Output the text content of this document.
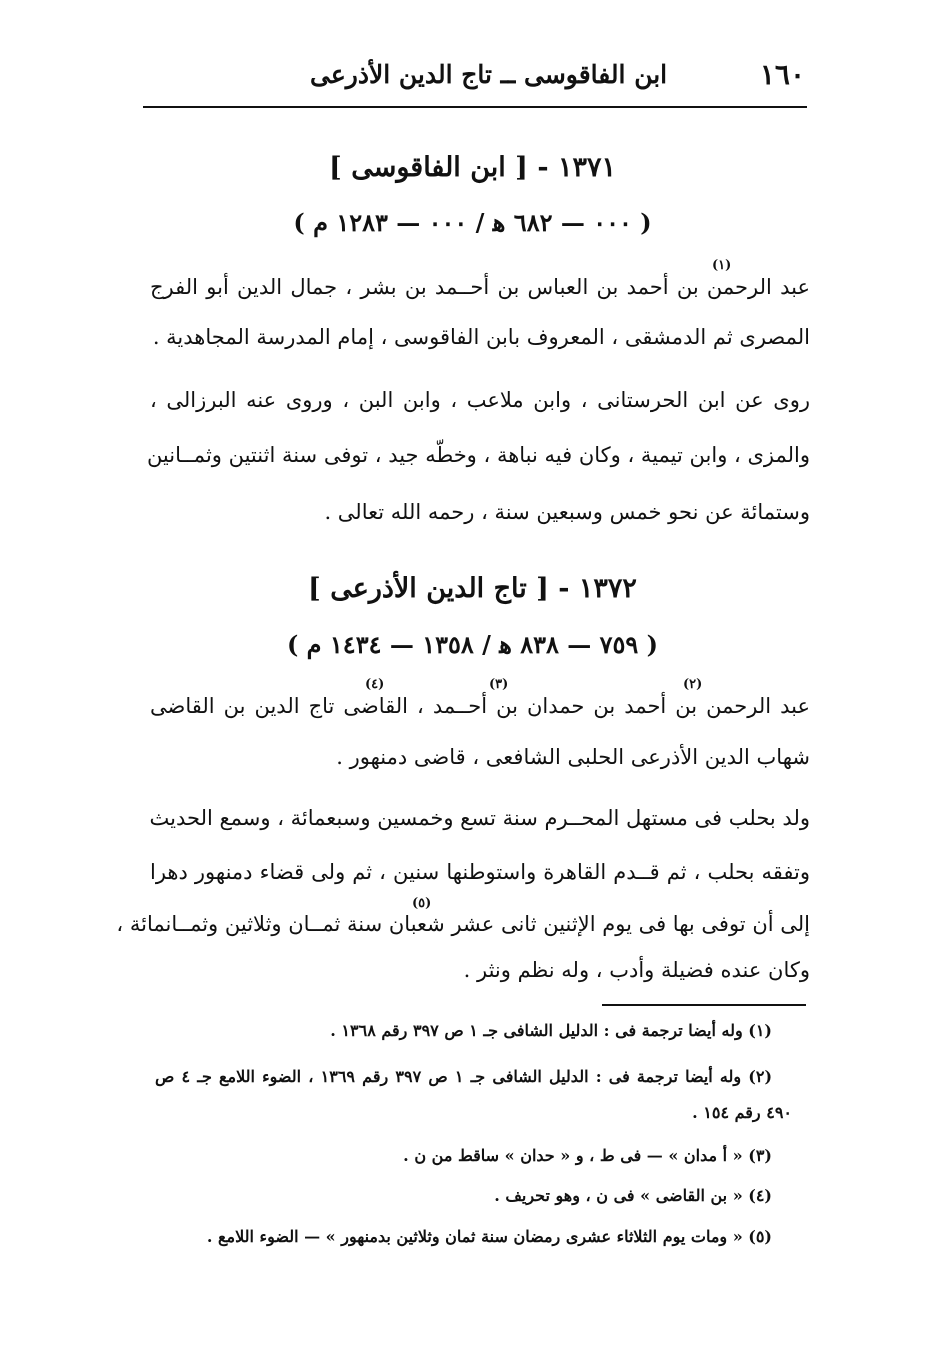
١٦٠
ابن الفاقوسى ــ تاج الدين الأذرعى
١٣٧١ - [ ابن الفاقوسى ]
( ٠٠٠ — ٦٨٢ ﻫ / ٠٠٠ — ١٢٨٣ م )
(١)
عبد الرحمن بن أحمد بن العباس بن أحــمد بن بشر ، جمال الدين أبو الفرج
المصرى ثم الدمشقى ، المعروف بابن الفاقوسى ، إمام المدرسة المجاهدية .
روى عن ابن الحرستانى ، وابن ملاعب ، وابن البن ، وروى عنه البرزالى ،
والمزى ، وابن تيمية ، وكان فيه نباهة ، وخطّه جيد ، توفى سنة اثنتين وثمــانين
وستمائة عن نحو خمس وسبعين سنة ، رحمه الله تعالى .
١٣٧٢ - [ تاج الدين الأذرعى ]
( ٧٥٩ — ٨٣٨ ﻫ / ١٣٥٨ — ١٤٣٤ م )
(٢)
(٣)
(٤)
(٥)
عبد الرحمن بن أحمد بن حمدان بن أحــمد ، القاضى تاج الدين بن القاضى
شهاب الدين الأذرعى الحلبى الشافعى ، قاضى دمنهور .
ولد بحلب فى مستهل المحــرم سنة تسع وخمسين وسبعمائة ، وسمع الحديث
وتفقه بحلب ، ثم قــدم القاهرة واستوطنها سنين ، ثم ولى قضاء دمنهور دهرا
إلى أن توفى بها فى يوم الإثنين ثانى عشر شعبان سنة ثمــان وثلاثين وثمــانمائة ،
وكان عنده فضيلة وأدب ، وله نظم ونثر .
(١) وله أيضا ترجمة فى : الدليل الشافى جـ ١ ص ٣٩٧ رقم ١٣٦٨ .
(٢) وله أيضا ترجمة فى : الدليل الشافى جـ ١ ص ٣٩٧ رقم ١٣٦٩ ، الضوء اللامع جـ ٤ ص
٤٩٠ رقم ١٥٤ .
(٣) « أ مدان » — فى ط ، و « حدان » ساقط من ن .
(٤) « بن القاضى » فى ن ، وهو تحريف .
(٥) « ومات يوم الثلاثاء عشرى رمضان سنة ثمان وثلاثين بدمنهور » — الضوء اللامع .
